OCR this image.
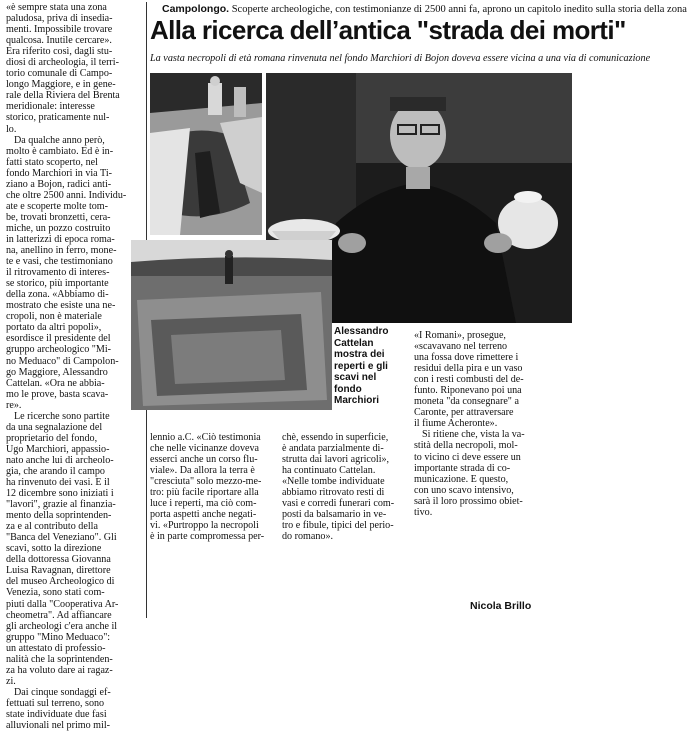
Campolongo. Scoperte archeologiche, con testimonianze di 2500 anni fa, aprono un capitolo inedito sulla storia della zona
Alla ricerca dell’antica "strada dei morti"
La vasta necropoli di età romana rinvenuta nel fondo Marchiori di Bojon doveva essere vicina a una via di comunicazione

«è sempre stata una zona
paludosa, priva di insedia-
menti. Impossibile trovare
qualcosa. Inutile cercare».
Era riferito così, dagli stu-
diosi di archeologia, il terri-
torio comunale di Campo-
longo Maggiore, e in gene-
rale della Riviera del Brenta
meridionale: interesse
storico, praticamente nul-
lo.

Da qualche anno però,
molto è cambiato. Ed è in-
fatti stato scoperto, nel
fondo Marchiori in via Ti-
ziano a Bojon, radici anti-
che oltre 2500 anni. Individu-
ate e scoperte molte tom-
be, trovati bronzetti, cera-
miche, un pozzo costruito
in latterizzi di epoca roma-
na, anellino in ferro, mone-
te e vasi, che testimoniano
il ritrovamento di interes-
se storico, più importante
della zona. «Abbiamo di-
mostrato che esiste una ne-
cropoli, non è materiale
portato da altri popoli»,
esordisce il presidente del
gruppo archeologico "Mi-
no Meduaco" di Campolon-
go Maggiore, Alessandro
Cattelan. «Ora ne abbia-
mo le prove, basta scava-
re».

Le ricerche sono partite
da una segnalazione del
proprietario del fondo,
Ugo Marchiori, appassio-
nato anche lui di archeolo-
gia, che arando il campo
ha rinvenuto dei vasi. E il
12 dicembre sono iniziati i
"lavori", grazie al finanzia-
mento della soprintenden-
za e al contributo della
"Banca del Veneziano". Gli
scavi, sotto la direzione
della dottoressa Giovanna
Luisa Ravagnan, direttore
del museo Archeologico di
Venezia, sono stati com-
piuti dalla "Cooperativa Ar-
cheometra". Ad affiancare
gli archeologi c'era anche il
gruppo "Mino Meduaco":
un attestato di professio-
nalità che la soprintenden-
za ha voluto dare ai ragaz-
zi.

Dai cinque sondaggi ef-
fettuati sul terreno, sono
state individuate due fasi
alluvionali nel primo mil-

Alessandro Cattelan mostra dei reperti e gli scavi nel fondo Marchiori

lennio a.C. «Ciò testimonia
che nelle vicinanze doveva
esserci anche un corso flu-
viale». Da allora la terra è
"cresciuta" solo mezzo-me-
tro: più facile riportare alla
luce i reperti, ma ciò com-
porta aspetti anche negati-
vi. «Purtroppo la necropoli
è in parte compromessa per-

chè, essendo in superficie,
è andata parzialmente di-
strutta dai lavori agricoli»,
ha continuato Cattelan.
«Nelle tombe individuate
abbiamo ritrovato resti di
vasi e corredi funerari com-
posti da balsamario in ve-
tro e fibule, tipici del perio-
do romano».

«I Romani», prosegue,
«scavavano nel terreno
una fossa dove rimettere i
residui della pira e un vaso
con i resti combusti del de-
funto. Riponevano poi una
moneta "da consegnare" a
Caronte, per attraversare
il fiume Acheronte».

Si ritiene che, vista la va-
stità della necropoli, mol-
to vicino ci deve essere un
importante strada di co-
municazione. E questo,
con uno scavo intensivo,
sarà il loro prossimo obiet-
tivo.

Nicola Brillo
